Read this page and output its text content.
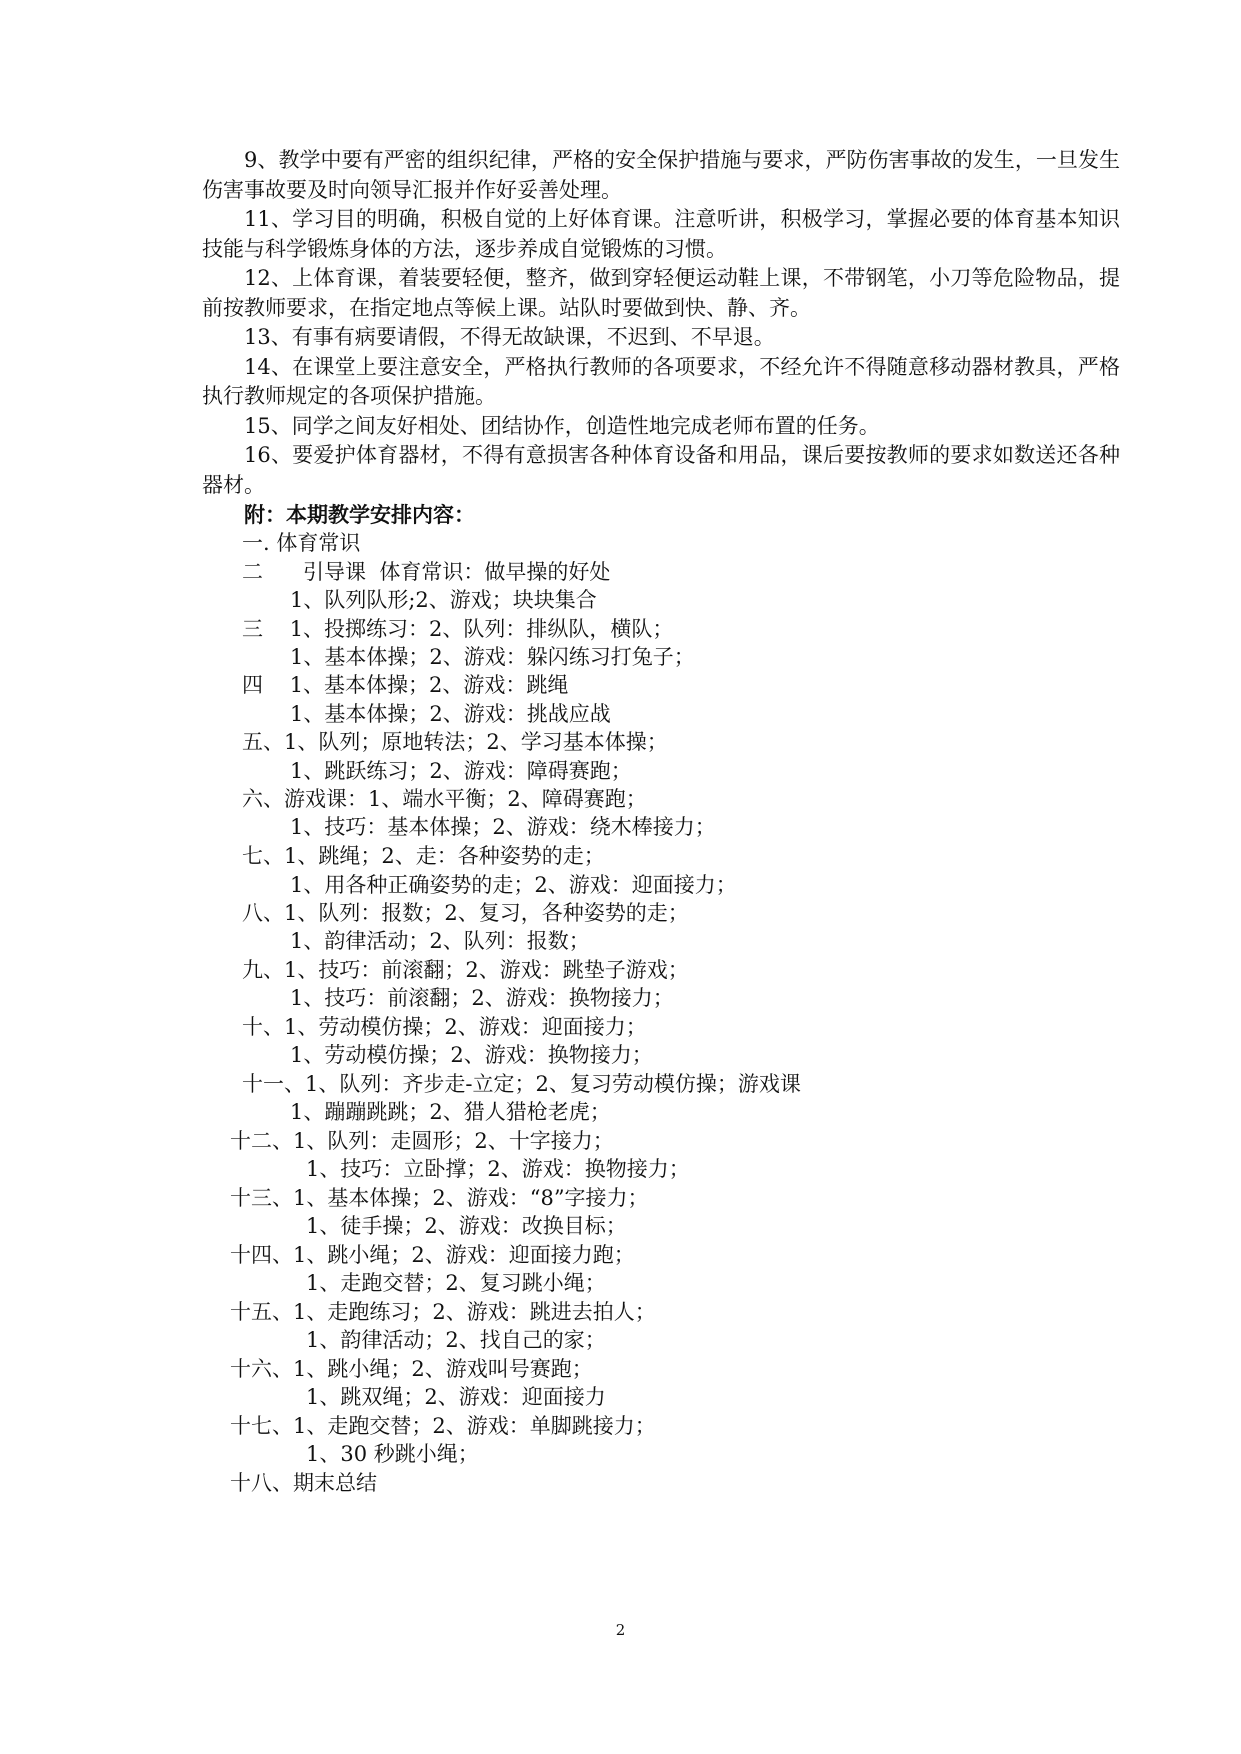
9、教学中要有严密的组织纪律，严格的安全保护措施与要求，严防伤害事故的发生，一旦发生伤害事故要及时向领导汇报并作好妥善处理。

11、学习目的明确，积极自觉的上好体育课。注意听讲，积极学习，掌握必要的体育基本知识技能与科学锻炼身体的方法，逐步养成自觉锻炼的习惯。

12、上体育课，着装要轻便，整齐，做到穿轻便运动鞋上课，不带钢笔，小刀等危险物品，提前按教师要求，在指定地点等候上课。站队时要做到快、静、齐。

13、有事有病要请假，不得无故缺课，不迟到、不早退。

14、在课堂上要注意安全，严格执行教师的各项要求，不经允许不得随意移动器材教具，严格执行教师规定的各项保护措施。

15、同学之间友好相处、团结协作，创造性地完成老师布置的任务。

16、要爱护体育器材，不得有意损害各种体育设备和用品，课后要按教师的要求如数送还各种器材。

附：本期教学安排内容：

一. 体育常识

二      引导课  体育常识：做早操的好处

1、队列队形;2、游戏；块块集合

三    1、投掷练习：2、队列：排纵队，横队；

1、基本体操；2、游戏：躲闪练习打兔子；

四    1、基本体操；2、游戏：跳绳

1、基本体操；2、游戏：挑战应战

五、1、队列；原地转法；2、学习基本体操；

1、跳跃练习；2、游戏：障碍赛跑；

六、游戏课：1、端水平衡；2、障碍赛跑；

1、技巧：基本体操；2、游戏：绕木棒接力；

七、1、跳绳；2、走：各种姿势的走；

1、用各种正确姿势的走；2、游戏：迎面接力；

八、1、队列：报数；2、复习，各种姿势的走；

1、韵律活动；2、队列：报数；

九、1、技巧：前滚翻；2、游戏：跳垫子游戏；

1、技巧：前滚翻；2、游戏：换物接力；

十、1、劳动模仿操；2、游戏：迎面接力；

1、劳动模仿操；2、游戏：换物接力；

十一、1、队列：齐步走-立定；2、复习劳动模仿操；游戏课

1、蹦蹦跳跳；2、猎人猎枪老虎；

十二、1、队列：走圆形；2、十字接力；

1、技巧：立卧撑；2、游戏：换物接力；

十三、1、基本体操；2、游戏：“8”字接力；

1、徒手操；2、游戏：改换目标；

十四、1、跳小绳；2、游戏：迎面接力跑；

1、走跑交替；2、复习跳小绳；

十五、1、走跑练习；2、游戏：跳进去拍人；

1、韵律活动；2、找自己的家；

十六、1、跳小绳；2、游戏叫号赛跑；

1、跳双绳；2、游戏：迎面接力

十七、1、走跑交替；2、游戏：单脚跳接力；

1、30 秒跳小绳；

十八、期末总结

2
